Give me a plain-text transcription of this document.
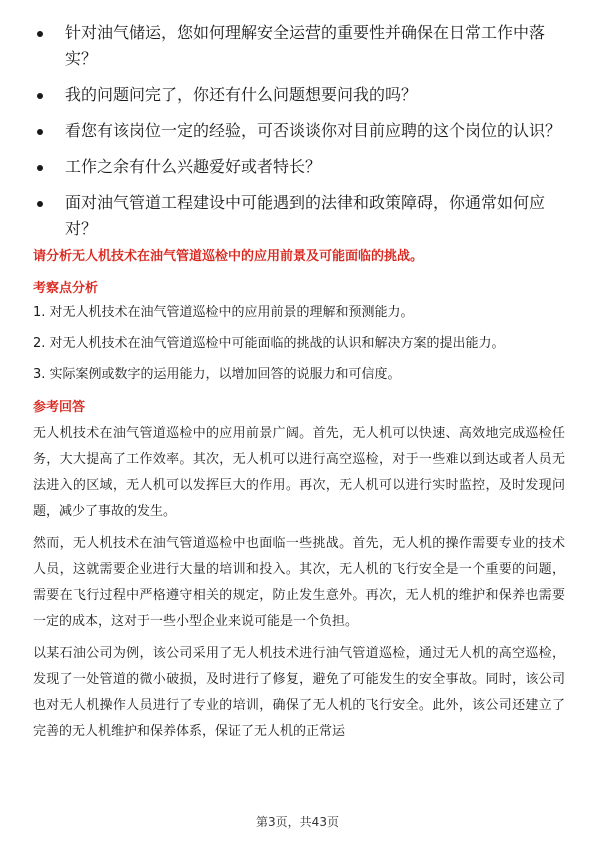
针对油气储运，您如何理解安全运营的重要性并确保在日常工作中落实？
我的问题问完了，你还有什么问题想要问我的吗？
看您有该岗位一定的经验，可否谈谈你对目前应聘的这个岗位的认识？
工作之余有什么兴趣爱好或者特长？
面对油气管道工程建设中可能遇到的法律和政策障碍，你通常如何应对？
请分析无人机技术在油气管道巡检中的应用前景及可能面临的挑战。
考察点分析
1. 对无人机技术在油气管道巡检中的应用前景的理解和预测能力。
2. 对无人机技术在油气管道巡检中可能面临的挑战的认识和解决方案的提出能力。
3. 实际案例或数字的运用能力，以增加回答的说服力和可信度。
参考回答

无人机技术在油气管道巡检中的应用前景广阔。首先，无人机可以快速、高效地完成巡检任务，大大提高了工作效率。其次，无人机可以进行高空巡检，对于一些难以到达或者人员无法进入的区域，无人机可以发挥巨大的作用。再次，无人机可以进行实时监控，及时发现问题，减少了事故的发生。

然而，无人机技术在油气管道巡检中也面临一些挑战。首先，无人机的操作需要专业的技术人员，这就需要企业进行大量的培训和投入。其次，无人机的飞行安全是一个重要的问题，需要在飞行过程中严格遵守相关的规定，防止发生意外。再次，无人机的维护和保养也需要一定的成本，这对于一些小型企业来说可能是一个负担。

以某石油公司为例，该公司采用了无人机技术进行油气管道巡检，通过无人机的高空巡检，发现了一处管道的微小破损，及时进行了修复，避免了可能发生的安全事故。同时，该公司也对无人机操作人员进行了专业的培训，确保了无人机的飞行安全。此外，该公司还建立了完善的无人机维护和保养体系，保证了无人机的正常运

第3页，共43页
